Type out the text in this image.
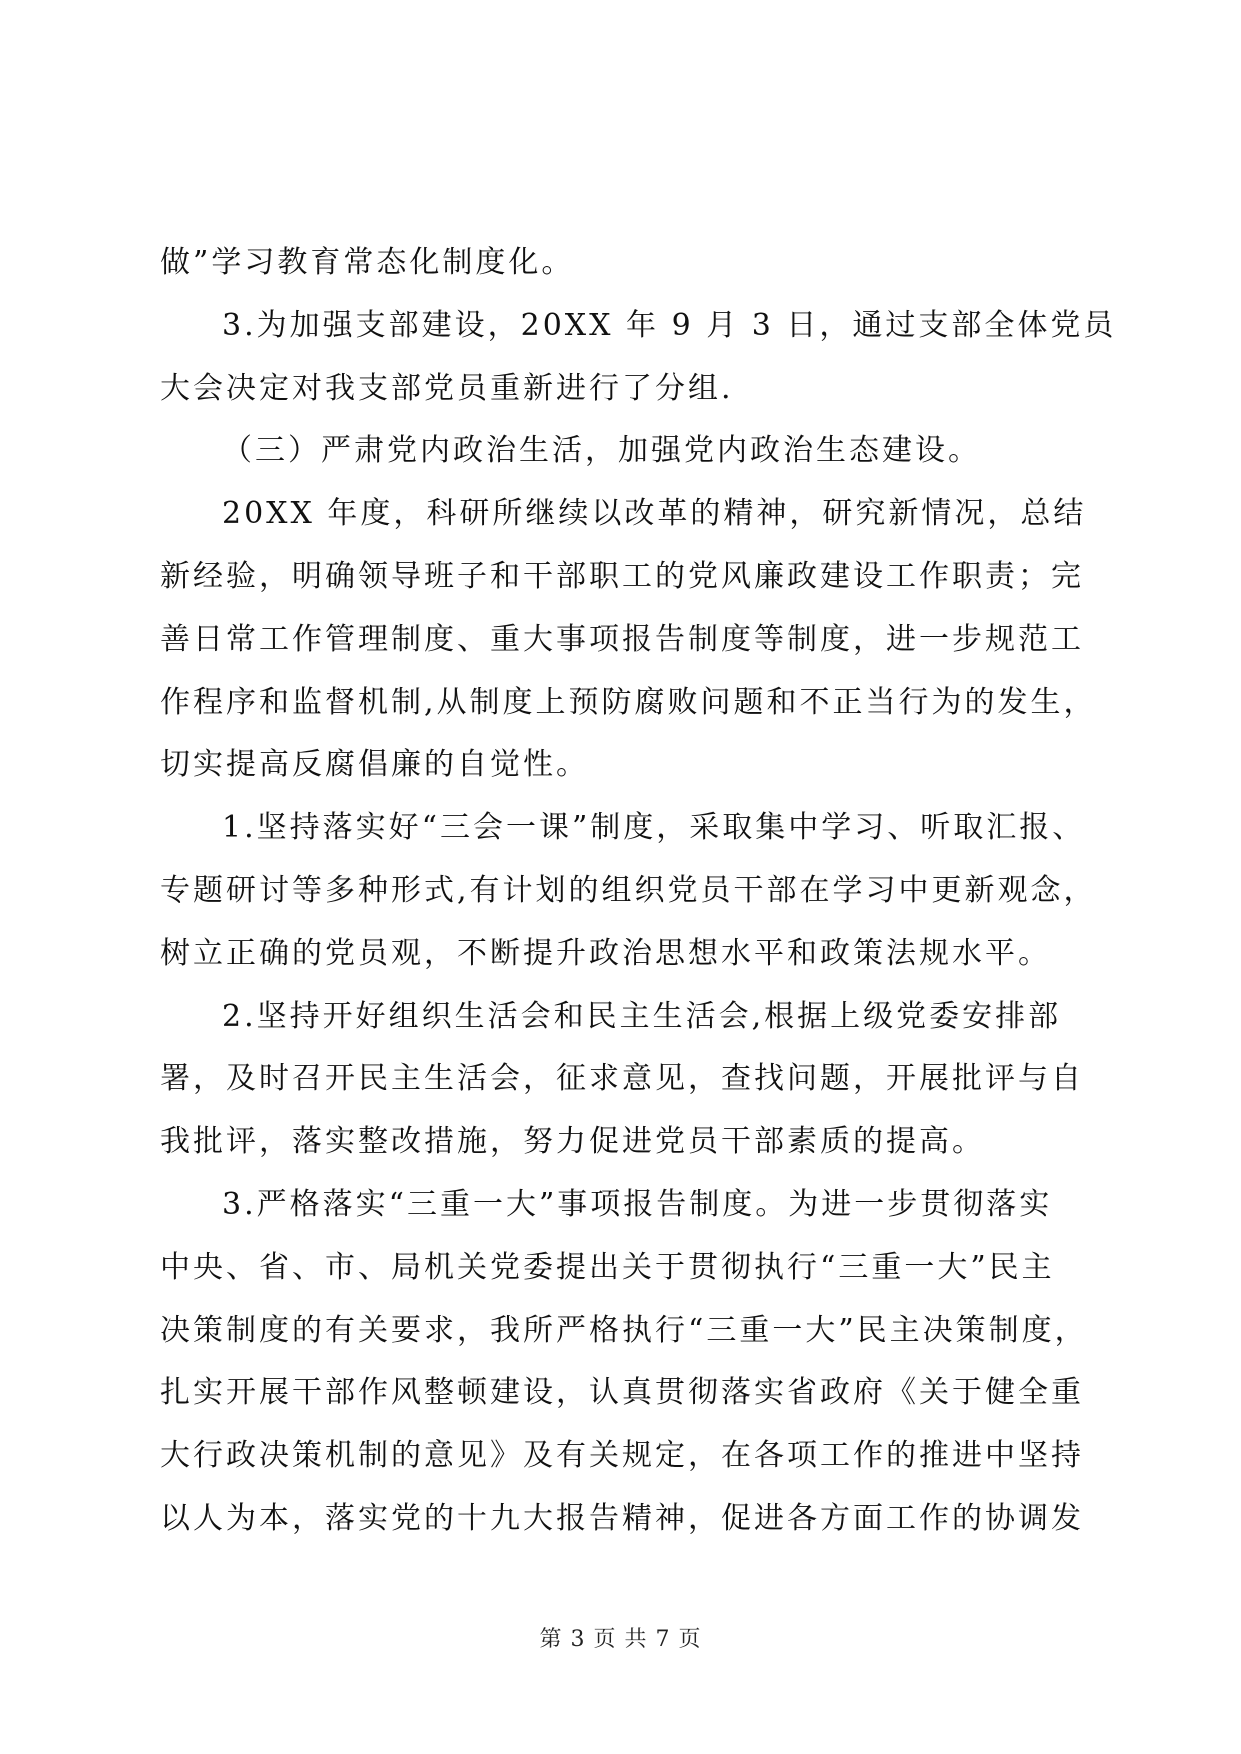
做”学习教育常态化制度化。
3.为加强支部建设，20XX 年 9 月 3 日，通过支部全体党员
大会决定对我支部党员重新进行了分组.
（三）严肃党内政治生活，加强党内政治生态建设。
20XX 年度，科研所继续以改革的精神，研究新情况，总结
新经验，明确领导班子和干部职工的党风廉政建设工作职责；完
善日常工作管理制度、重大事项报告制度等制度，进一步规范工
作程序和监督机制,从制度上预防腐败问题和不正当行为的发生，
切实提高反腐倡廉的自觉性。
1.坚持落实好“三会一课”制度，采取集中学习、听取汇报、
专题研讨等多种形式,有计划的组织党员干部在学习中更新观念，
树立正确的党员观，不断提升政治思想水平和政策法规水平。
2.坚持开好组织生活会和民主生活会,根据上级党委安排部
署，及时召开民主生活会，征求意见，查找问题，开展批评与自
我批评，落实整改措施，努力促进党员干部素质的提高。
3.严格落实“三重一大”事项报告制度。为进一步贯彻落实
中央、省、市、局机关党委提出关于贯彻执行“三重一大”民主
决策制度的有关要求，我所严格执行“三重一大”民主决策制度，
扎实开展干部作风整顿建设，认真贯彻落实省政府《关于健全重
大行政决策机制的意见》及有关规定，在各项工作的推进中坚持
以人为本，落实党的十九大报告精神，促进各方面工作的协调发
第 3 页 共 7 页
